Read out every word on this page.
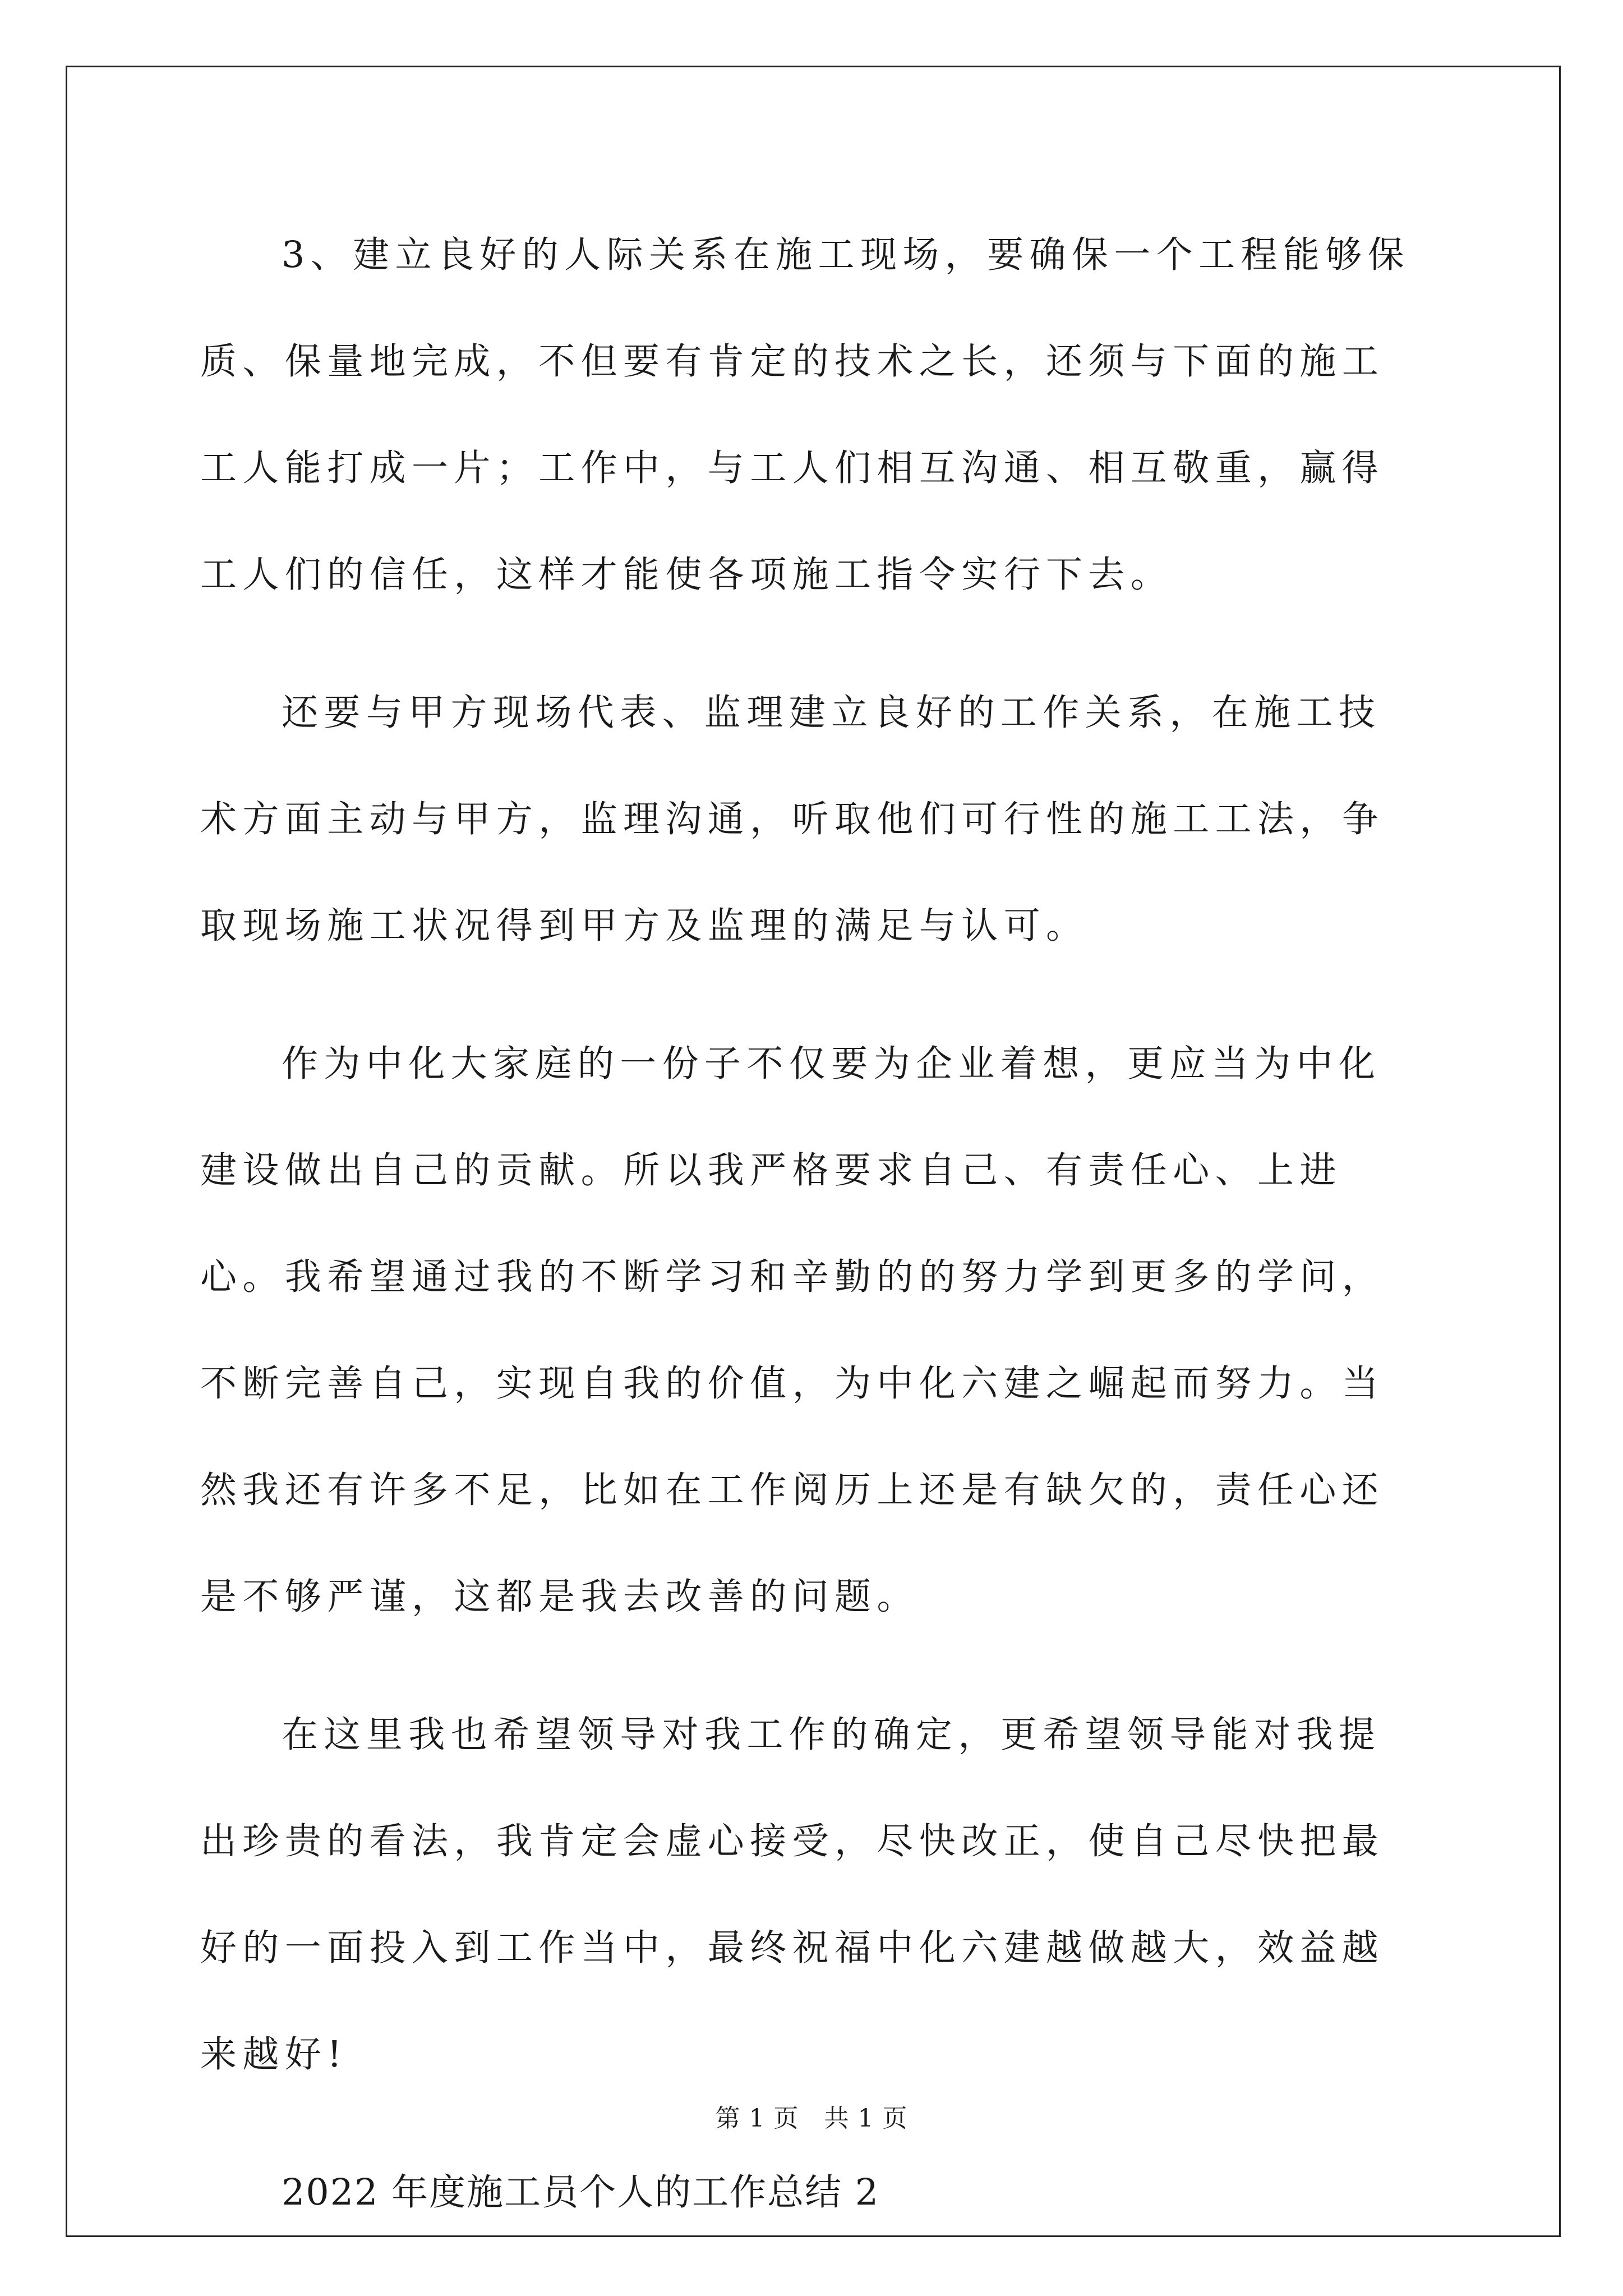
3、建立良好的人际关系在施工现场，要确保一个工程能够保质、保量地完成，不但要有肯定的技术之长，还须与下面的施工工人能打成一片；工作中，与工人们相互沟通、相互敬重，赢得工人们的信任，这样才能使各项施工指令实行下去。

还要与甲方现场代表、监理建立良好的工作关系，在施工技术方面主动与甲方，监理沟通，听取他们可行性的施工工法，争取现场施工状况得到甲方及监理的满足与认可。

作为中化大家庭的一份子不仅要为企业着想，更应当为中化建设做出自己的贡献。所以我严格要求自己、有责任心、上进心。我希望通过我的不断学习和辛勤的的努力学到更多的学问，不断完善自己，实现自我的价值，为中化六建之崛起而努力。当然我还有许多不足，比如在工作阅历上还是有缺欠的，责任心还是不够严谨，这都是我去改善的问题。

在这里我也希望领导对我工作的确定，更希望领导能对我提出珍贵的看法，我肯定会虚心接受，尽快改正，使自己尽快把最好的一面投入到工作当中，最终祝福中化六建越做越大，效益越来越好!

2022 年度施工员个人的工作总结 2

第 1 页　共 1 页
